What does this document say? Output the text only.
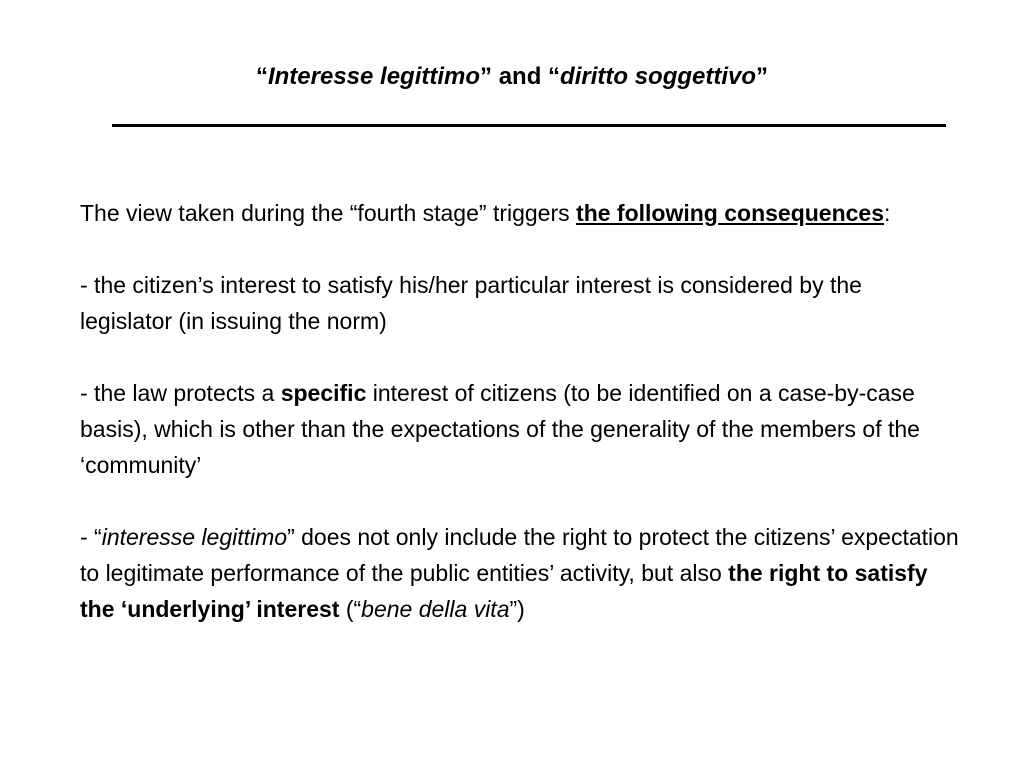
“Interesse legittimo” and “diritto soggettivo”

The view taken during the “fourth stage” triggers the following consequences:

- the citizen’s interest to satisfy his/her particular interest is considered by the legislator (in issuing the norm)

- the law protects a specific interest of citizens (to be identified on a case-by-case basis), which is other than the expectations of the generality of the members of the ‘community’

- “interesse legittimo” does not only include the right to protect the citizens’ expectation to legitimate performance of the public entities’ activity, but also the right to satisfy the ‘underlying’ interest (“bene della vita”)
